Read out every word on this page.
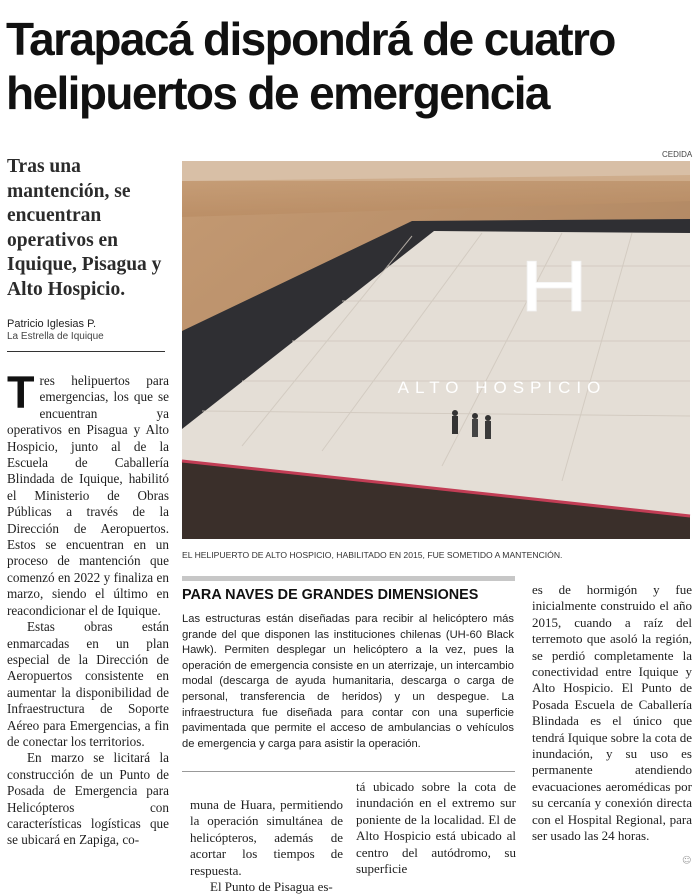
Tarapacá dispondrá de cuatro
helipuertos de emergencia
Tras una mantención, se encuentran operativos en Iquique, Pisagua y Alto Hospicio.
Patricio Iglesias P.
La Estrella de Iquique
CEDIDA
H
ALTO HOSPICIO
EL HELIPUERTO DE ALTO HOSPICIO, HABILITADO EN 2015, FUE SOMETIDO A MANTENCIÓN.

Tres helipuertos para emergencias, los que se encuentran ya operativos en Pisagua y Alto Hospicio, junto al de la Escuela de Caballería Blindada de Iquique, habilitó el Ministerio de Obras Públicas a través de la Dirección de Aeropuertos. Estos se encuentran en un proceso de mantención que comenzó en 2022 y finaliza en marzo, siendo el último en reacondicionar el de Iquique.

Estas obras están enmarcadas en un plan especial de la Dirección de Aeropuertos consistente en aumentar la disponibilidad de Infraestructura de Soporte Aéreo para Emergencias, a fin de conectar los territorios.

En marzo se licitará la construcción de un Punto de Posada de Emergencia para Helicópteros con características logísticas que se ubicará en Zapiga, co-

PARA NAVES DE GRANDES DIMENSIONES
Las estructuras están diseñadas para recibir al helicóptero más grande del que disponen las instituciones chilenas (UH-60 Black Hawk). Permiten desplegar un helicóptero a la vez, pues la operación de emergencia consiste en un aterrizaje, un intercambio modal (descarga de ayuda humanitaria, descarga o carga de personal, transferencia de heridos) y un despegue. La infraestructura fue diseñada para contar con una superficie pavimentada que permite el acceso de ambulancias o vehículos de emergencia y carga para asistir la operación.

muna de Huara, permitiendo la operación simultánea de helicópteros, además de acortar los tiempos de respuesta.

El Punto de Pisagua es-

tá ubicado sobre la cota de inundación en el extremo sur poniente de la localidad. El de Alto Hospicio está ubicado al centro del autódromo, su superficie

es de hormigón y fue inicialmente construido el año 2015, cuando a raíz del terremoto que asoló la región, se perdió completamente la conectividad entre Iquique y Alto Hospicio. El Punto de Posada Escuela de Caballería Blindada es el único que tendrá Iquique sobre la cota de inundación, y su uso es permanente atendiendo evacuaciones aeromédicas por su cercanía y conexión directa con el Hospital Regional, para ser usado las 24 horas.

☺
